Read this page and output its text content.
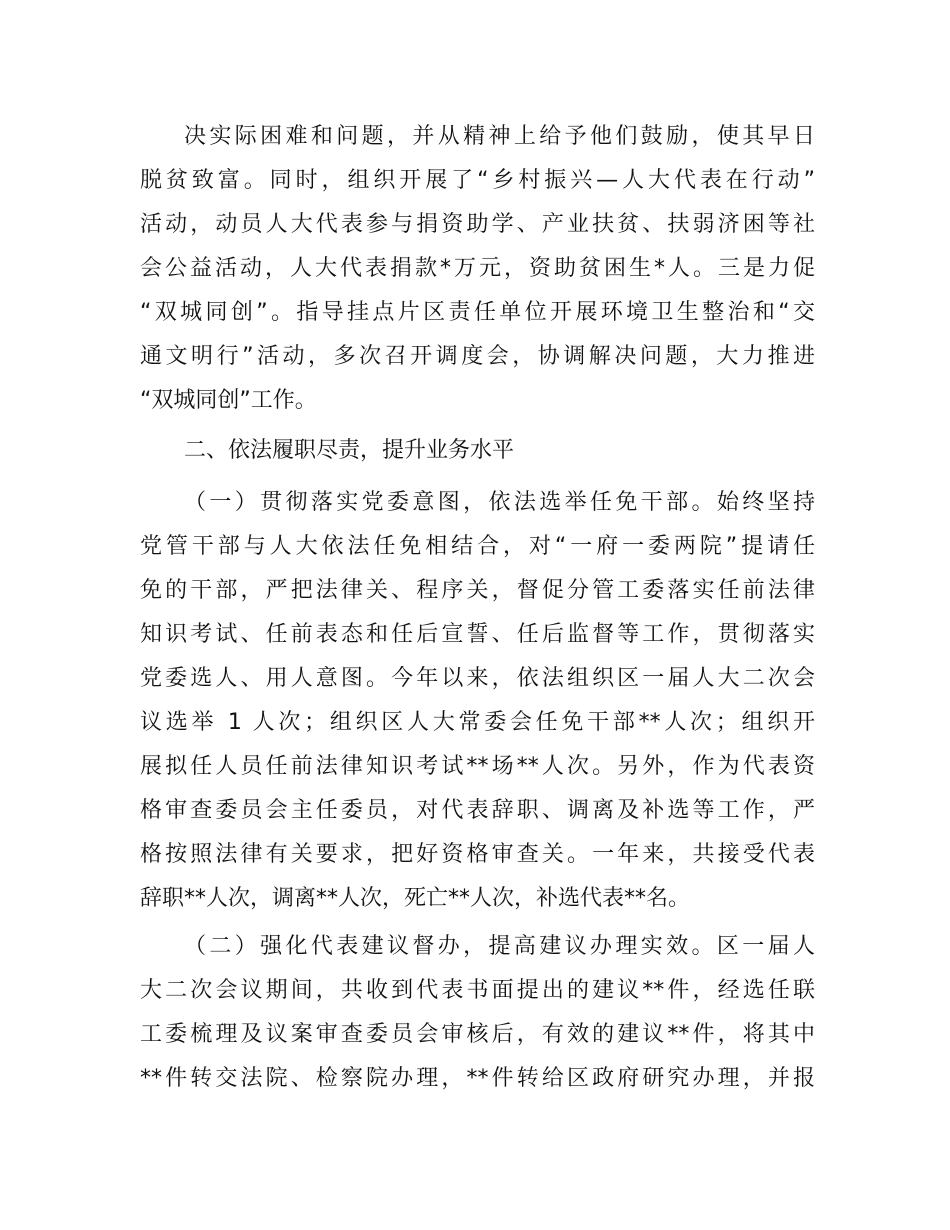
决实际困难和问题，并从精神上给予他们鼓励，使其早日
脱贫致富。同时，组织开展了“乡村振兴—人大代表在行动”
活动，动员人大代表参与捐资助学、产业扶贫、扶弱济困等社
会公益活动，人大代表捐款*万元，资助贫困生*人。三是力促
“双城同创”。指导挂点片区责任单位开展环境卫生整治和“交
通文明行”活动，多次召开调度会，协调解决问题，大力推进
“双城同创”工作。
二、依法履职尽责，提升业务水平
（一）贯彻落实党委意图，依法选举任免干部。始终坚持
党管干部与人大依法任免相结合，对“一府一委两院”提请任
免的干部，严把法律关、程序关，督促分管工委落实任前法律
知识考试、任前表态和任后宣誓、任后监督等工作，贯彻落实
党委选人、用人意图。今年以来，依法组织区一届人大二次会
议选举 1 人次；组织区人大常委会任免干部**人次；组织开
展拟任人员任前法律知识考试**场**人次。另外，作为代表资
格审查委员会主任委员，对代表辞职、调离及补选等工作，严
格按照法律有关要求，把好资格审查关。一年来，共接受代表
辞职**人次，调离**人次，死亡**人次，补选代表**名。
（二）强化代表建议督办，提高建议办理实效。区一届人
大二次会议期间，共收到代表书面提出的建议**件，经选任联
工委梳理及议案审查委员会审核后，有效的建议**件，将其中
**件转交法院、检察院办理，**件转给区政府研究办理，并报
